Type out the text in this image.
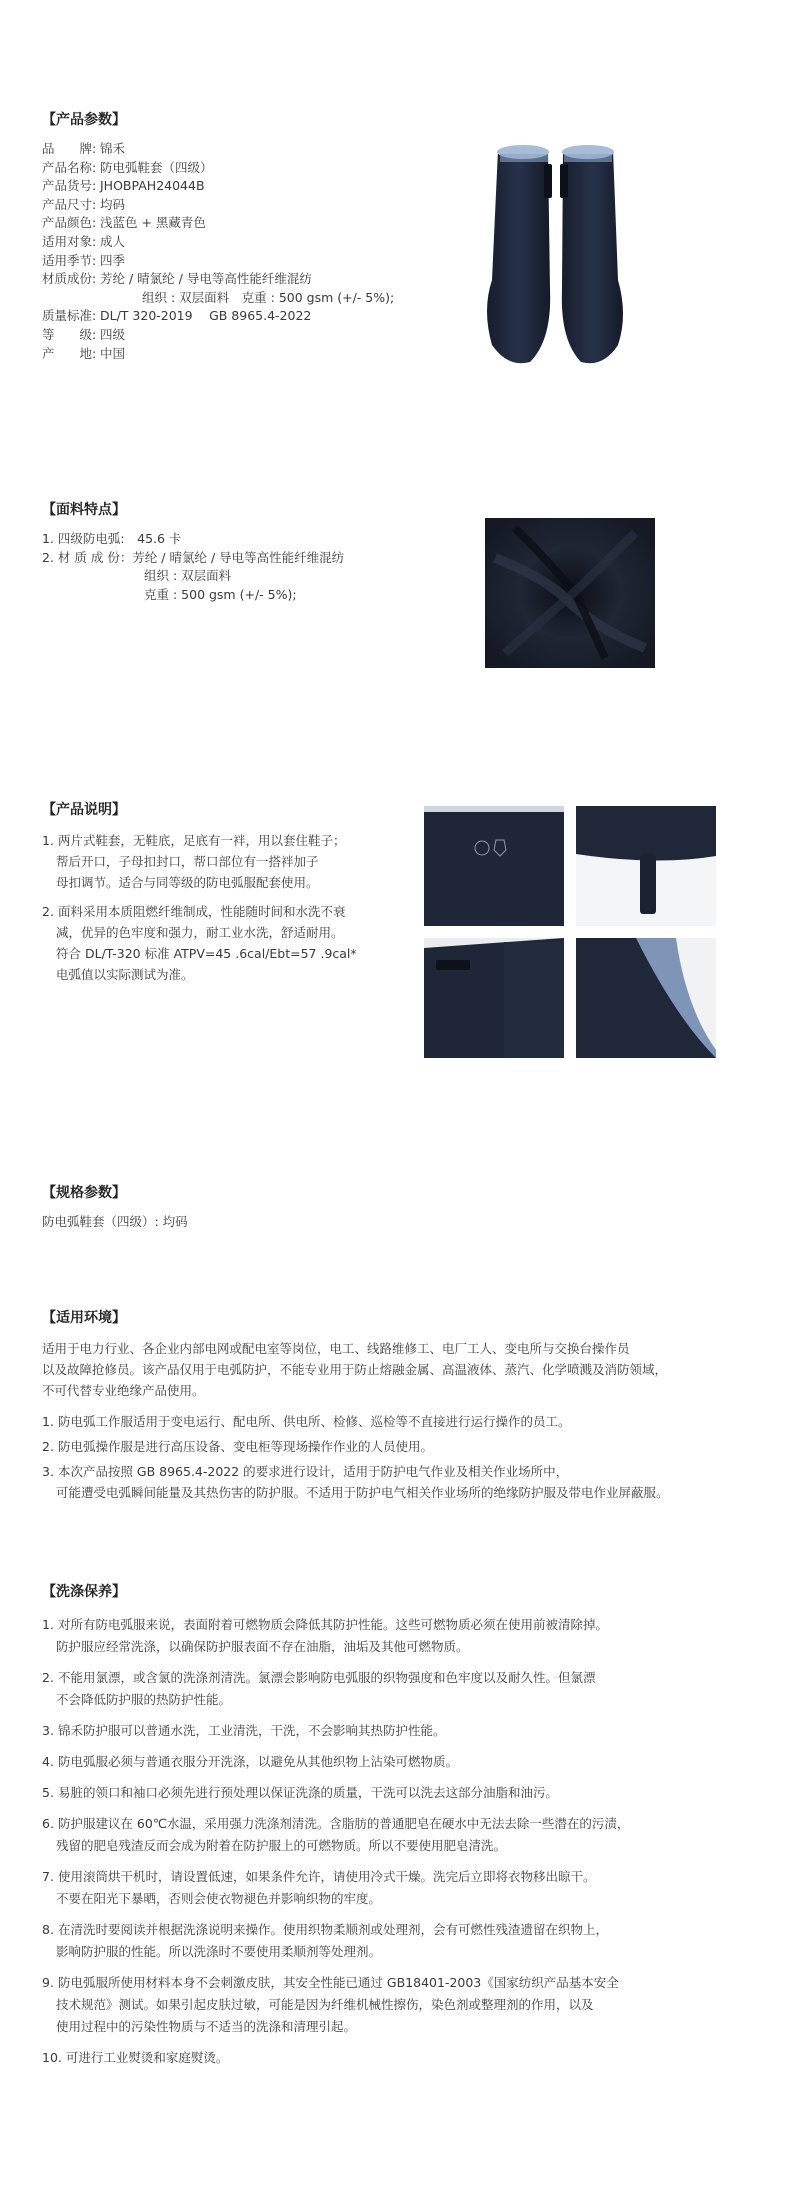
【产品参数】
品　　牌: 锦禾
产品名称: 防电弧鞋套（四级）
产品货号: JHOBPAH24044B
产品尺寸: 均码
产品颜色: 浅蓝色 + 黑藏青色
适用对象: 成人
适用季节: 四季
材质成份: 芳纶 / 晴氯纶 / 导电等高性能纤维混纺
组织 : 双层面料　克重 : 500 gsm (+/- 5%);
质量标准: DL/T 320-2019　 GB 8965.4-2022
等　　级: 四级
产　　地: 中国
【面料特点】
1. 四级防电弧:　45.6 卡
2. 材 质 成 份：芳纶 / 晴氯纶 / 导电等高性能纤维混纺
组织 : 双层面料
克重 : 500 gsm (+/- 5%);
【产品说明】
1. 两片式鞋套，无鞋底，足底有一袢，用以套住鞋子；
帮后开口，子母扣封口，帮口部位有一搭袢加子
母扣调节。适合与同等级的防电弧服配套使用。
2. 面料采用本质阻燃纤维制成，性能随时间和水洗不衰
减，优异的色牢度和强力，耐工业水洗，舒适耐用。
符合 DL/T-320 标准 ATPV=45 .6cal/Ebt=57 .9cal*
电弧值以实际测试为准。
【规格参数】
防电弧鞋套（四级）: 均码
【适用环境】
适用于电力行业、各企业内部电网或配电室等岗位，电工、线路维修工、电厂工人、变电所与交换台操作员
以及故障抢修员。该产品仅用于电弧防护，不能专业用于防止熔融金属、高温液体、蒸汽、化学喷溅及消防领域，
不可代替专业绝缘产品使用。
1. 防电弧工作服适用于变电运行、配电所、供电所、检修、巡检等不直接进行运行操作的员工。
2. 防电弧操作服是进行高压设备、变电柜等现场操作作业的人员使用。
3. 本次产品按照 GB 8965.4-2022 的要求进行设计，适用于防护电气作业及相关作业场所中，
可能遭受电弧瞬间能量及其热伤害的防护服。不适用于防护电气相关作业场所的绝缘防护服及带电作业屏蔽服。
【洗涤保养】
1. 对所有防电弧服来说，表面附着可燃物质会降低其防护性能。这些可燃物质必须在使用前被清除掉。
防护服应经常洗涤，以确保防护服表面不存在油脂，油垢及其他可燃物质。
2. 不能用氯漂，或含氯的洗涤剂清洗。氯漂会影响防电弧服的织物强度和色牢度以及耐久性。但氯漂
不会降低防护服的热防护性能。
3. 锦禾防护服可以普通水洗，工业清洗，干洗，不会影响其热防护性能。
4. 防电弧服必须与普通衣服分开洗涤，以避免从其他织物上沾染可燃物质。
5. 易脏的领口和袖口必须先进行预处理以保证洗涤的质量，干洗可以洗去这部分油脂和油污。
6. 防护服建议在 60℃水温，采用强力洗涤剂清洗。含脂肪的普通肥皂在硬水中无法去除一些潜在的污渍，
残留的肥皂残渣反而会成为附着在防护服上的可燃物质。所以不要使用肥皂清洗。
7. 使用滚筒烘干机时，请设置低速，如果条件允许，请使用冷式干燥。洗完后立即将衣物移出晾干。
不要在阳光下暴晒，否则会使衣物褪色并影响织物的牢度。
8. 在清洗时要阅读并根据洗涤说明来操作。使用织物柔顺剂或处理剂，会有可燃性残渣遗留在织物上，
影响防护服的性能。所以洗涤时不要使用柔顺剂等处理剂。
9. 防电弧服所使用材料本身不会刺激皮肤，其安全性能已通过 GB18401-2003《国家纺织产品基本安全
技术规范》测试。如果引起皮肤过敏，可能是因为纤维机械性擦伤，染色剂或整理剂的作用，以及
使用过程中的污染性物质与不适当的洗涤和清理引起。
10. 可进行工业熨烫和家庭熨烫。
